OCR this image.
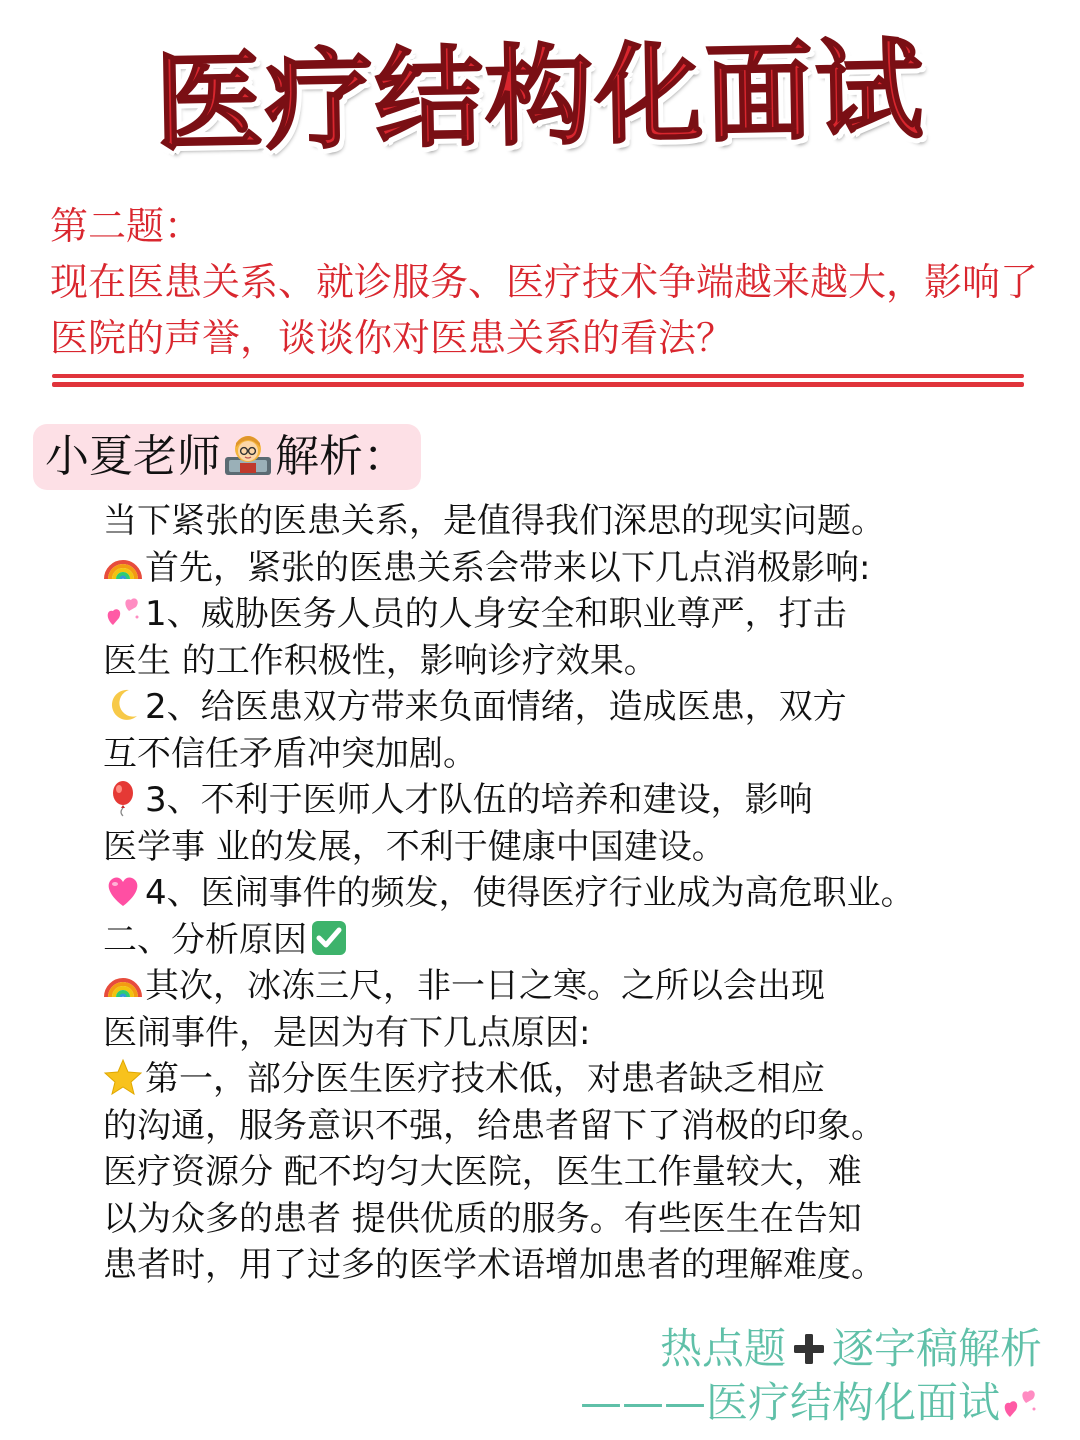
医疗结构化面试
第二题：
现在医患关系、就诊服务、医疗技术争端越来越大，影响了医院的声誉，谈谈你对医患关系的看法？
小夏老师 解析：
当下紧张的医患关系，是值得我们深思的现实问题。
首先，紧张的医患关系会带来以下几点消极影响:
1、威胁医务人员的人身安全和职业尊严，打击
医生 的工作积极性，影响诊疗效果。
2、给医患双方带来负面情绪，造成医患，双方
互不信任矛盾冲突加剧。
3、不利于医师人才队伍的培养和建设，影响
医学事 业的发展，不利于健康中国建设。
4、医闹事件的频发，使得医疗行业成为高危职业。
二、分析原因
其次，冰冻三尺，非一日之寒。之所以会出现
医闹事件，是因为有下几点原因:
第一，部分医生医疗技术低，对患者缺乏相应
的沟通，服务意识不强，给患者留下了消极的印象。
医疗资源分 配不均匀大医院，医生工作量较大，难
以为众多的患者 提供优质的服务。有些医生在告知
患者时，用了过多的医学术语增加患者的理解难度。
热点题 逐字稿解析
———医疗结构化面试
